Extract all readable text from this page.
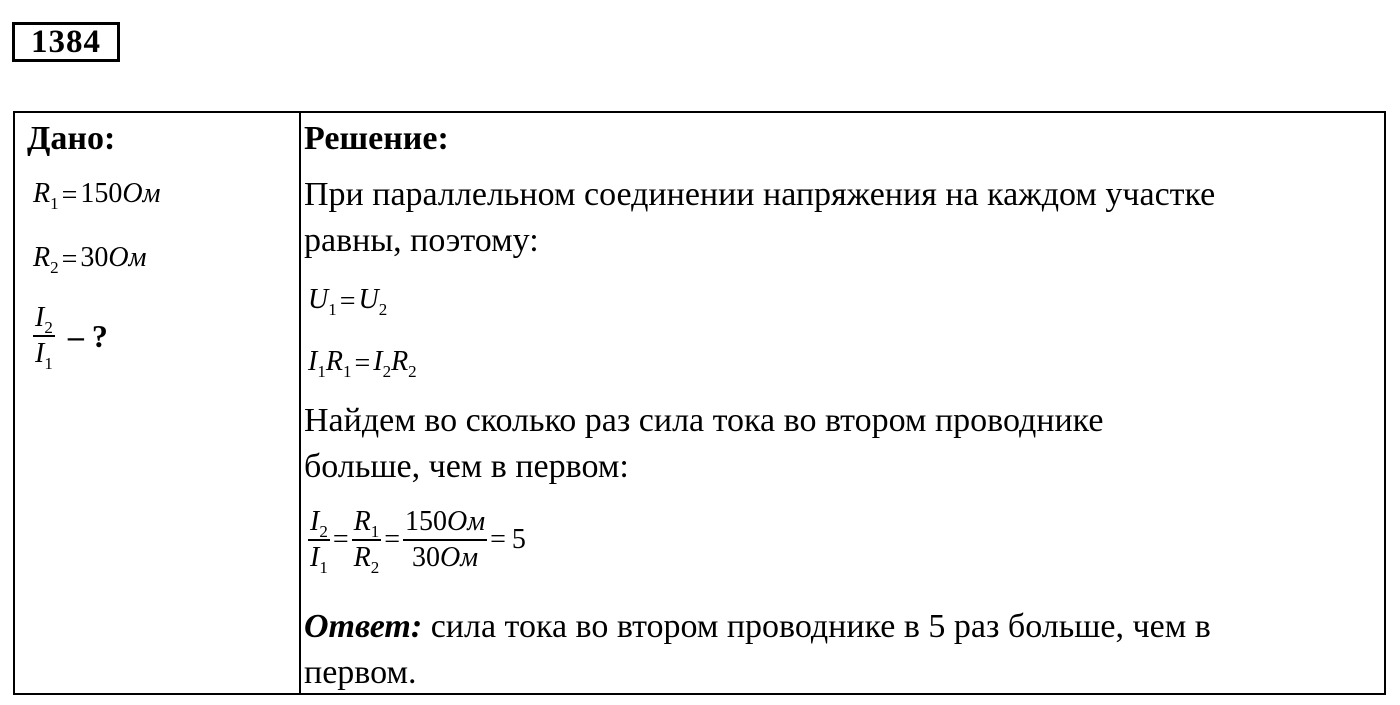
1384
Дано:
$R_1 = 150Ом$
$R_2 = 30Ом$
$\frac{I_2}{I_1}$ – ?
Решение:
При параллельном соединении напряжения на каждом участке
равны, поэтому:
$U_1 = U_2$
$I_1R_1 = I_2R_2$
Найдем во сколько раз сила тока во втором проводнике
больше, чем в первом:
$\frac{I_2}{I_1} = \frac{R_1}{R_2} = \frac{150Ом}{30Ом} = 5$
Ответ: сила тока во втором проводнике в 5 раз больше, чем в
первом.
